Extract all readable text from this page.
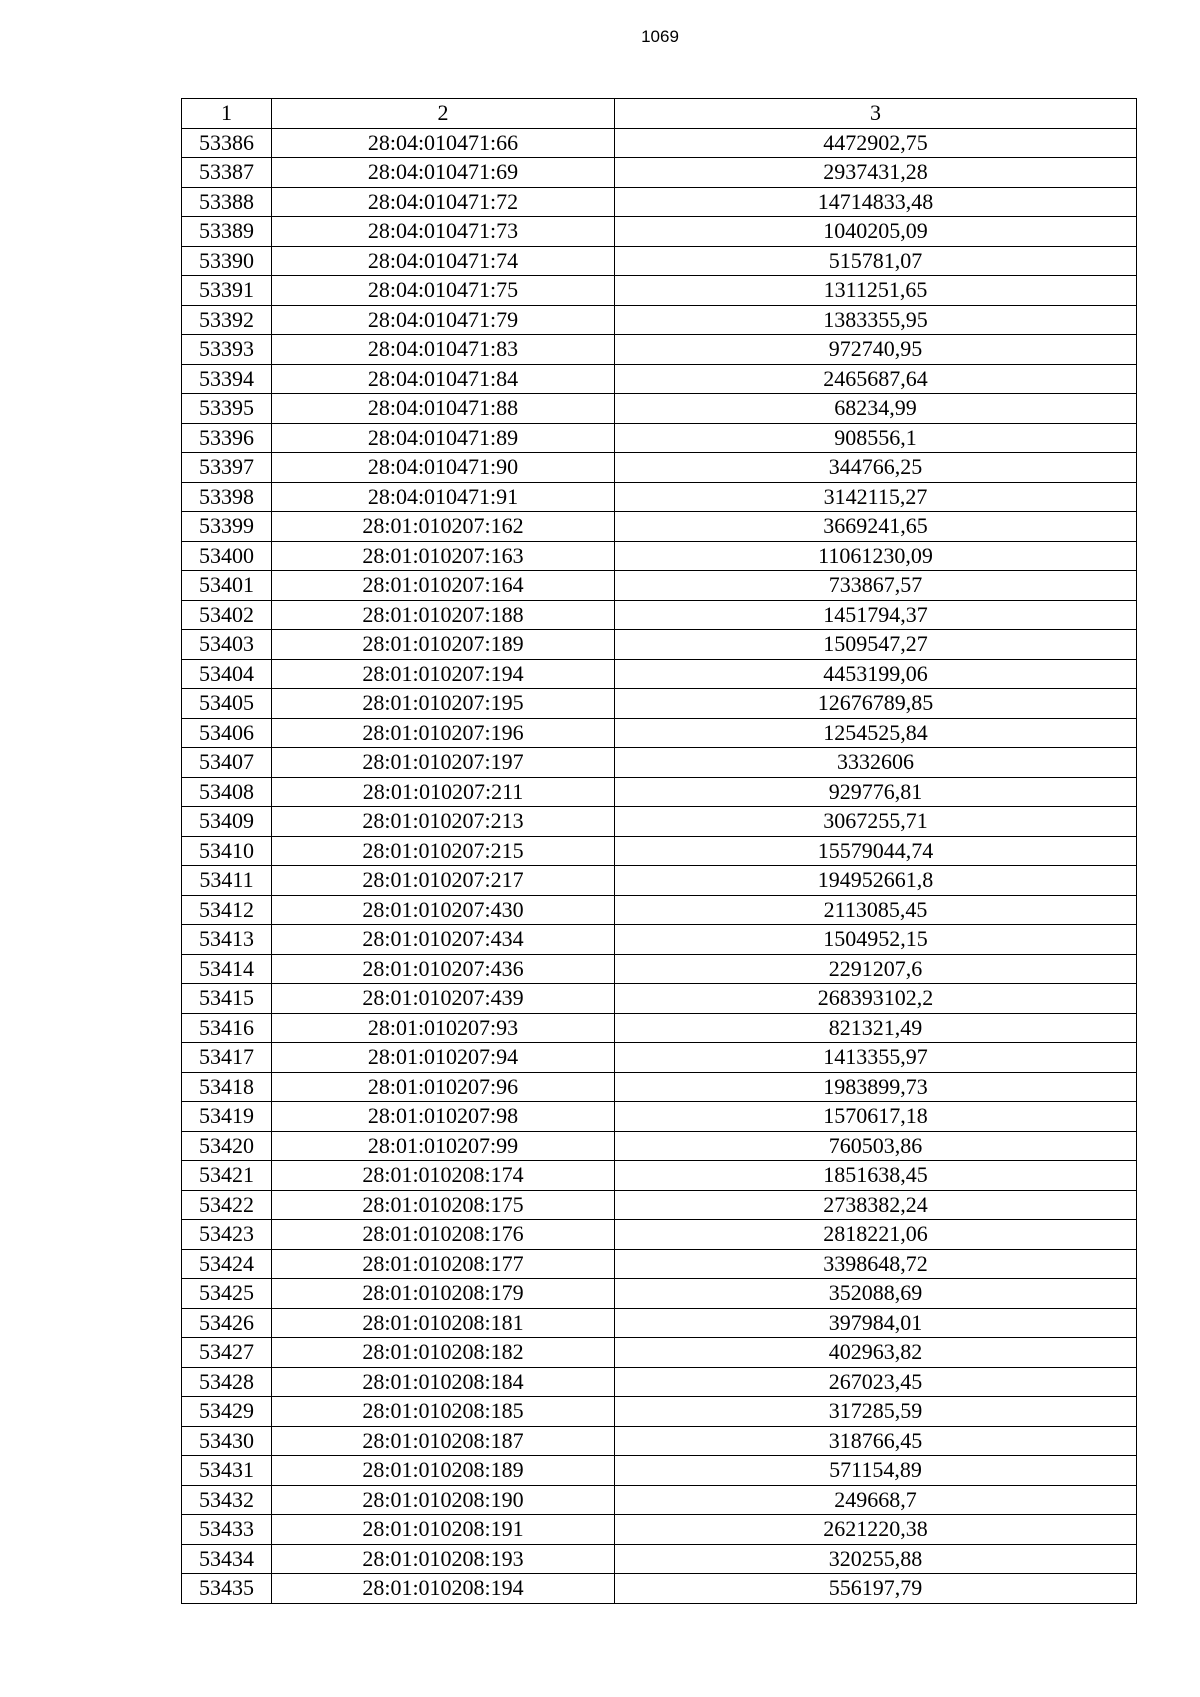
1069
1	2	3
53386	28:04:010471:66	4472902,75
53387	28:04:010471:69	2937431,28
53388	28:04:010471:72	14714833,48
53389	28:04:010471:73	1040205,09
53390	28:04:010471:74	515781,07
53391	28:04:010471:75	1311251,65
53392	28:04:010471:79	1383355,95
53393	28:04:010471:83	972740,95
53394	28:04:010471:84	2465687,64
53395	28:04:010471:88	68234,99
53396	28:04:010471:89	908556,1
53397	28:04:010471:90	344766,25
53398	28:04:010471:91	3142115,27
53399	28:01:010207:162	3669241,65
53400	28:01:010207:163	11061230,09
53401	28:01:010207:164	733867,57
53402	28:01:010207:188	1451794,37
53403	28:01:010207:189	1509547,27
53404	28:01:010207:194	4453199,06
53405	28:01:010207:195	12676789,85
53406	28:01:010207:196	1254525,84
53407	28:01:010207:197	3332606
53408	28:01:010207:211	929776,81
53409	28:01:010207:213	3067255,71
53410	28:01:010207:215	15579044,74
53411	28:01:010207:217	194952661,8
53412	28:01:010207:430	2113085,45
53413	28:01:010207:434	1504952,15
53414	28:01:010207:436	2291207,6
53415	28:01:010207:439	268393102,2
53416	28:01:010207:93	821321,49
53417	28:01:010207:94	1413355,97
53418	28:01:010207:96	1983899,73
53419	28:01:010207:98	1570617,18
53420	28:01:010207:99	760503,86
53421	28:01:010208:174	1851638,45
53422	28:01:010208:175	2738382,24
53423	28:01:010208:176	2818221,06
53424	28:01:010208:177	3398648,72
53425	28:01:010208:179	352088,69
53426	28:01:010208:181	397984,01
53427	28:01:010208:182	402963,82
53428	28:01:010208:184	267023,45
53429	28:01:010208:185	317285,59
53430	28:01:010208:187	318766,45
53431	28:01:010208:189	571154,89
53432	28:01:010208:190	249668,7
53433	28:01:010208:191	2621220,38
53434	28:01:010208:193	320255,88
53435	28:01:010208:194	556197,79
